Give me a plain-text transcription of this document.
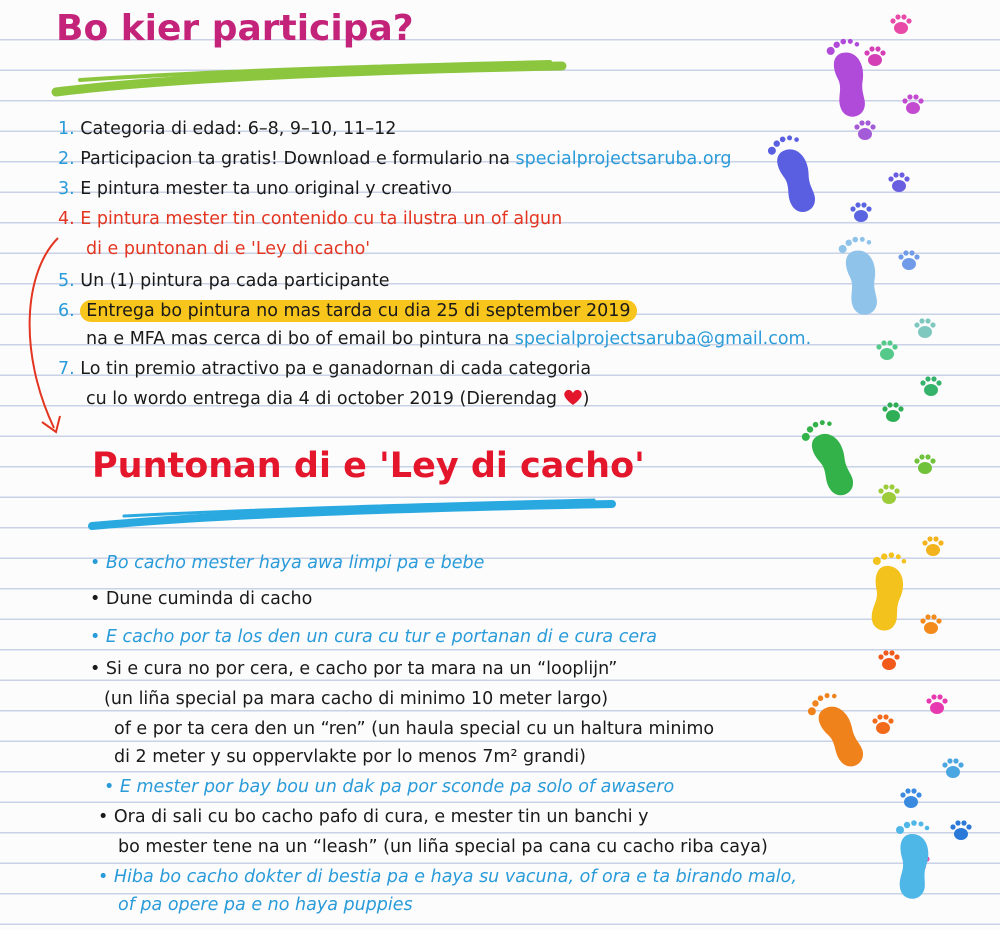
Bo kier participa?
1. Categoria di edad: 6–8, 9–10, 11–12
2. Participacion ta gratis! Download e formulario na specialprojectsaruba.org
3. E pintura mester ta uno original y creativo
4. E pintura mester tin contenido cu ta ilustra un of algun
di e puntonan di e 'Ley di cacho'
5. Un (1) pintura pa cada participante
6. Entrega bo pintura no mas tarda cu dia 25 di september 2019
na e MFA mas cerca di bo of email bo pintura na specialprojectsaruba@gmail.com.
7. Lo tin premio atractivo pa e ganadornan di cada categoria
cu lo wordo entrega dia 4 di october 2019 (Dierendag )
Puntonan di e 'Ley di cacho'
• Bo cacho mester haya awa limpi pa e bebe
• Dune cuminda di cacho
• E cacho por ta los den un cura cu tur e portanan di e cura cera
• Si e cura no por cera, e cacho por ta mara na un “looplijn”
(un liña special pa mara cacho di minimo 10 meter largo)
of e por ta cera den un “ren” (un haula special cu un haltura minimo
di 2 meter y su oppervlakte por lo menos 7m² grandi)
• E mester por bay bou un dak pa por sconde pa solo of awasero
• Ora di sali cu bo cacho pafo di cura, e mester tin un banchi y
bo mester tene na un “leash” (un liña special pa cana cu cacho riba caya)
• Hiba bo cacho dokter di bestia pa e haya su vacuna, of ora e ta birando malo,
of pa opere pa e no haya puppies
